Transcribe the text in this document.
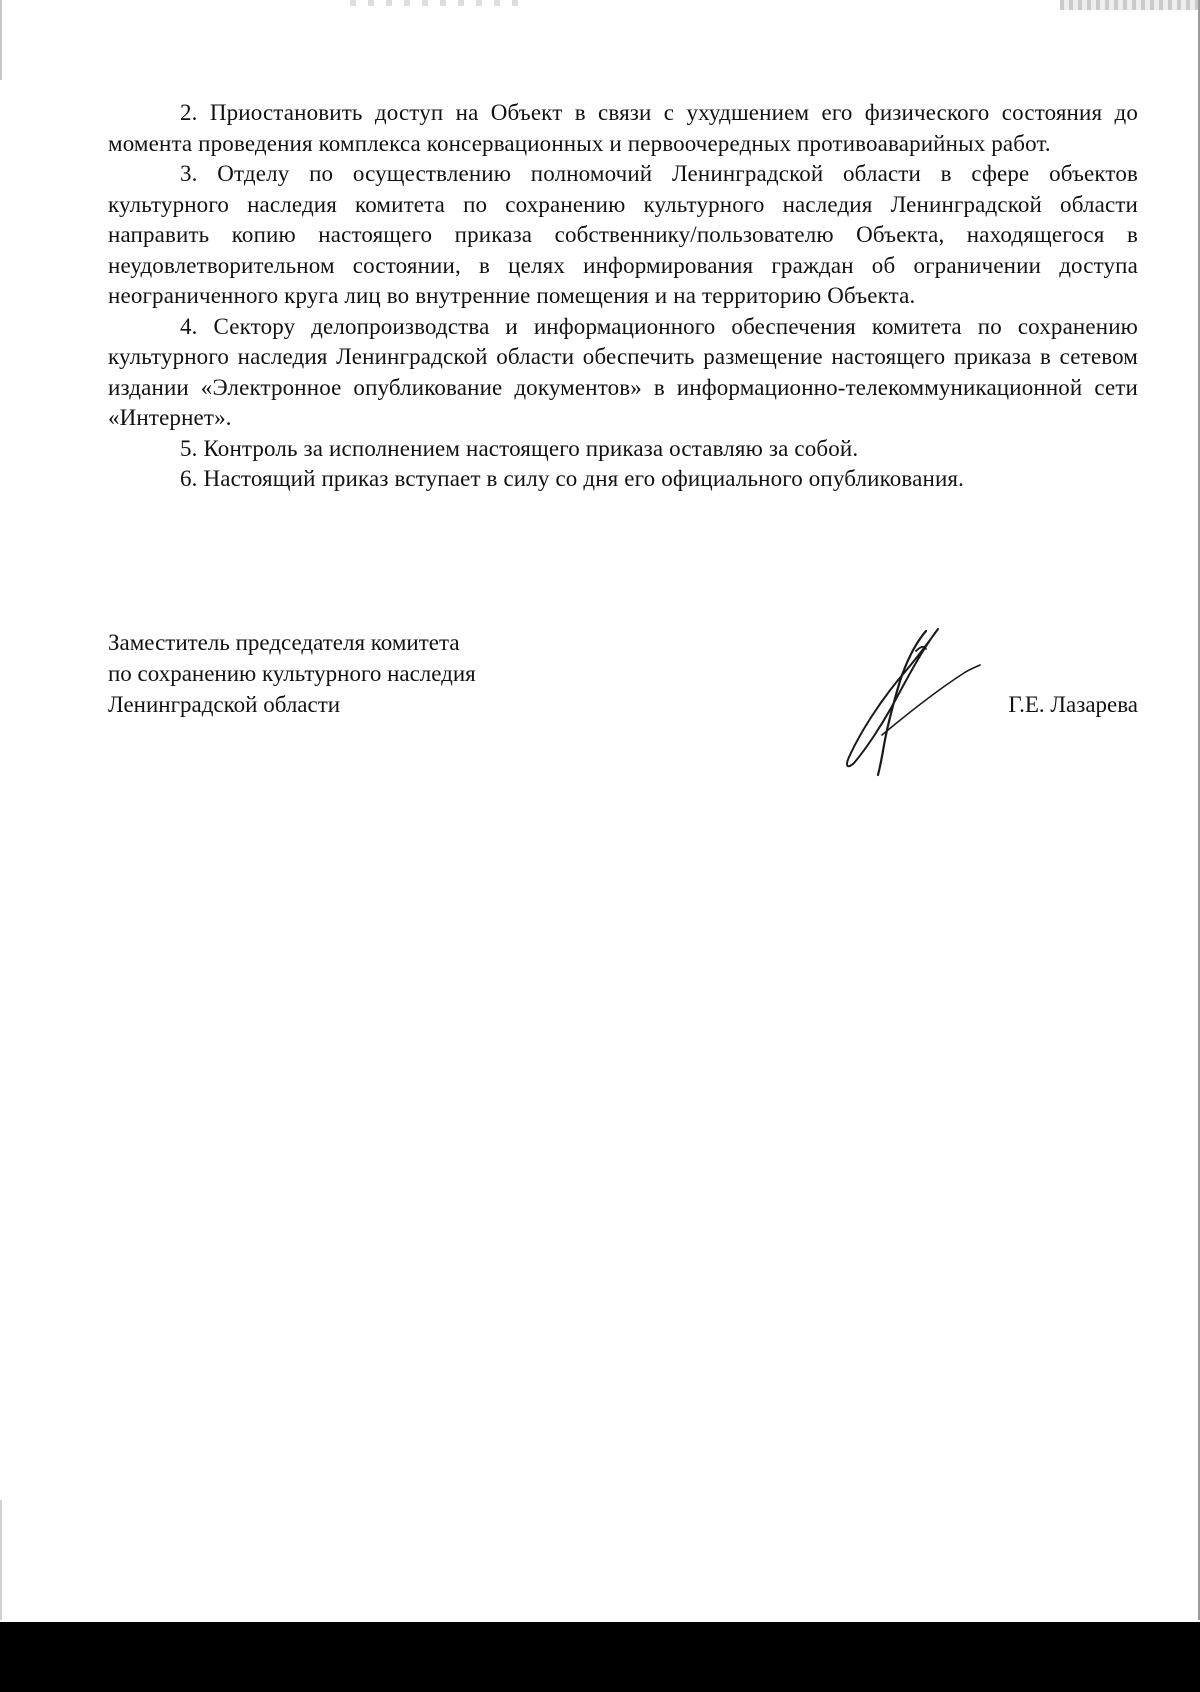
2. Приостановить доступ на Объект в связи с ухудшением его физического состояния до момента проведения комплекса консервационных и первоочередных противоаварийных работ.

3. Отделу по осуществлению полномочий Ленинградской области в сфере объектов культурного наследия комитета по сохранению культурного наследия Ленинградской области направить копию настоящего приказа собственнику/пользователю Объекта, находящегося в неудовлетворительном состоянии, в целях информирования граждан об ограничении доступа неограниченного круга лиц во внутренние помещения и на территорию Объекта.

4. Сектору делопроизводства и информационного обеспечения комитета по сохранению культурного наследия Ленинградской области обеспечить размещение настоящего приказа в сетевом издании «Электронное опубликование документов» в информационно-телекоммуникационной сети «Интернет».

5. Контроль за исполнением настоящего приказа оставляю за собой.

6. Настоящий приказ вступает в силу со дня его официального опубликования.

Заместитель председателя комитета
по сохранению культурного наследия
Ленинградской области	Г.Е. Лазарева
